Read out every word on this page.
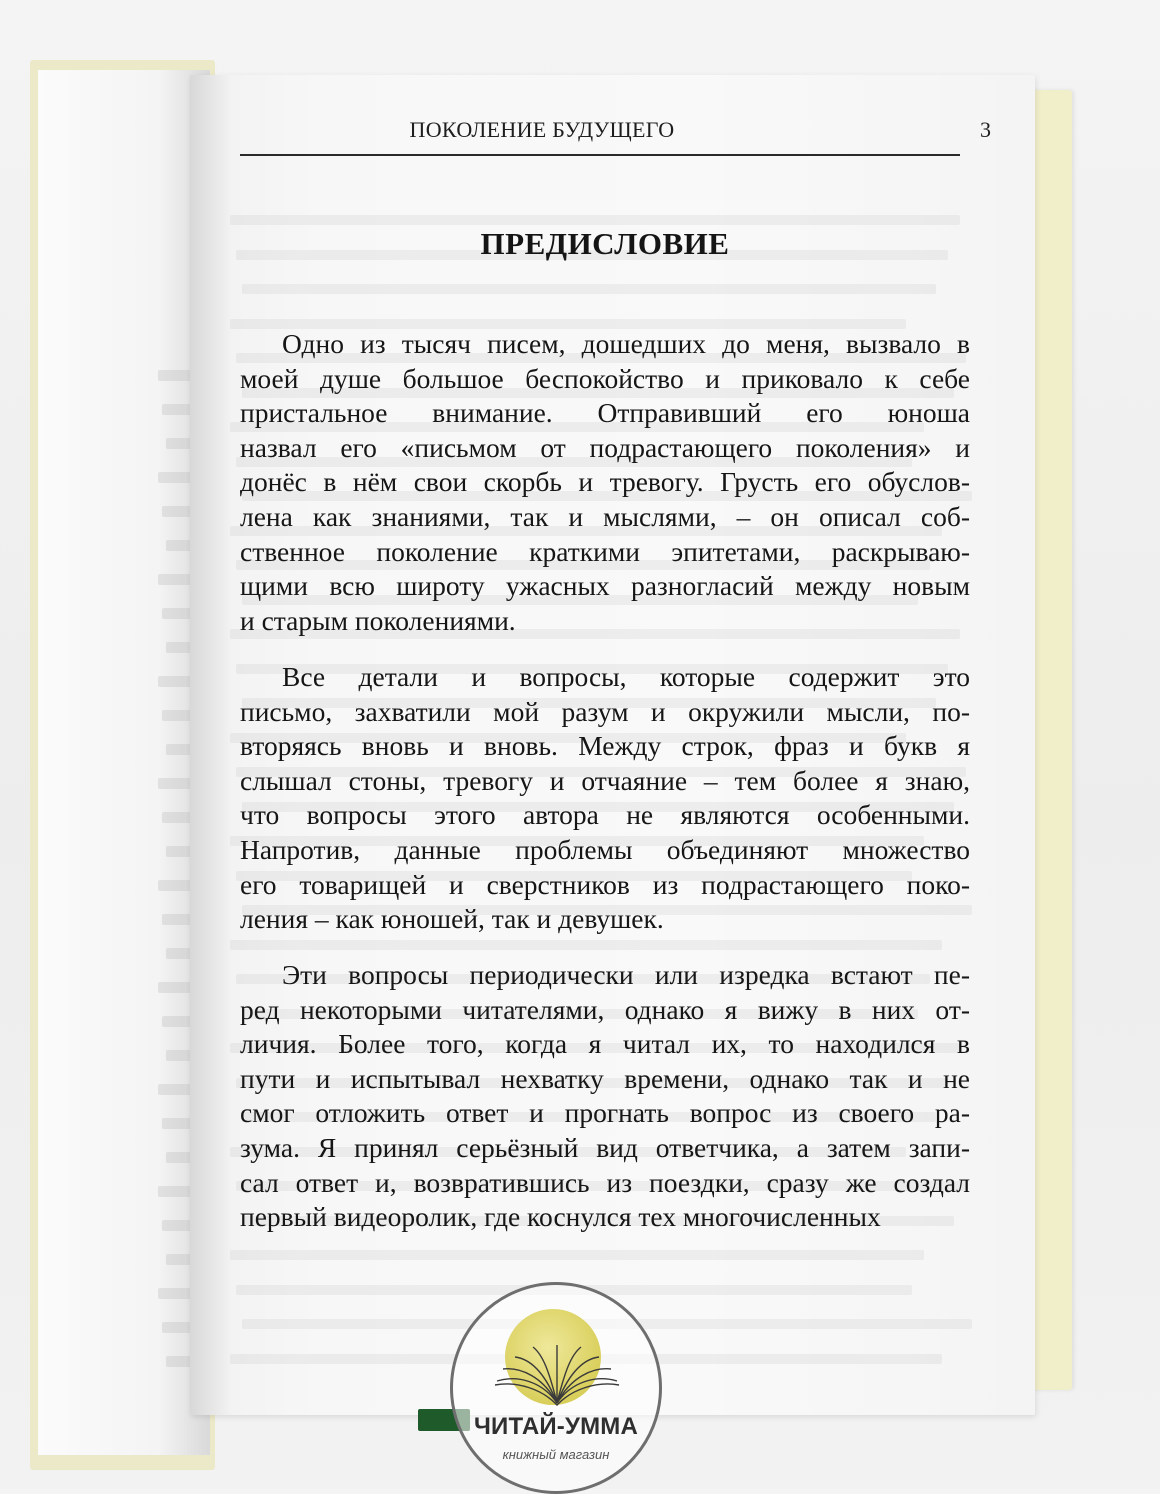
ПОКОЛЕНИЕ БУДУЩЕГО	3
ПРЕДИСЛОВИЕ

Одно из тысяч писем, дошедших до меня, вызвало в
моей душе большое беспокойство и приковало к себе
пристальное внимание. Отправивший его юноша
назвал его «письмом от подрастающего поколения» и
донёс в нём свои скорбь и тревогу. Грусть его обуслов-
лена как знаниями, так и мыслями, – он описал соб-
ственное поколение краткими эпитетами, раскрываю-
щими всю широту ужасных разногласий между новым
и старым поколениями.

Все детали и вопросы, которые содержит это
письмо, захватили мой разум и окружили мысли, по-
вторяясь вновь и вновь. Между строк, фраз и букв я
слышал стоны, тревогу и отчаяние – тем более я знаю,
что вопросы этого автора не являются особенными.
Напротив, данные проблемы объединяют множество
его товарищей и сверстников из подрастающего поко-
ления – как юношей, так и девушек.

Эти вопросы периодически или изредка встают пе-
ред некоторыми читателями, однако я вижу в них от-
личия. Более того, когда я читал их, то находился в
пути и испытывал нехватку времени, однако так и не
смог отложить ответ и прогнать вопрос из своего ра-
зума. Я принял серьёзный вид ответчика, а затем запи-
сал ответ и, возвратившись из поездки, сразу же создал
первый видеоролик, где коснулся тех многочисленных

ЧИТАЙ-УММА
книжный магазин
